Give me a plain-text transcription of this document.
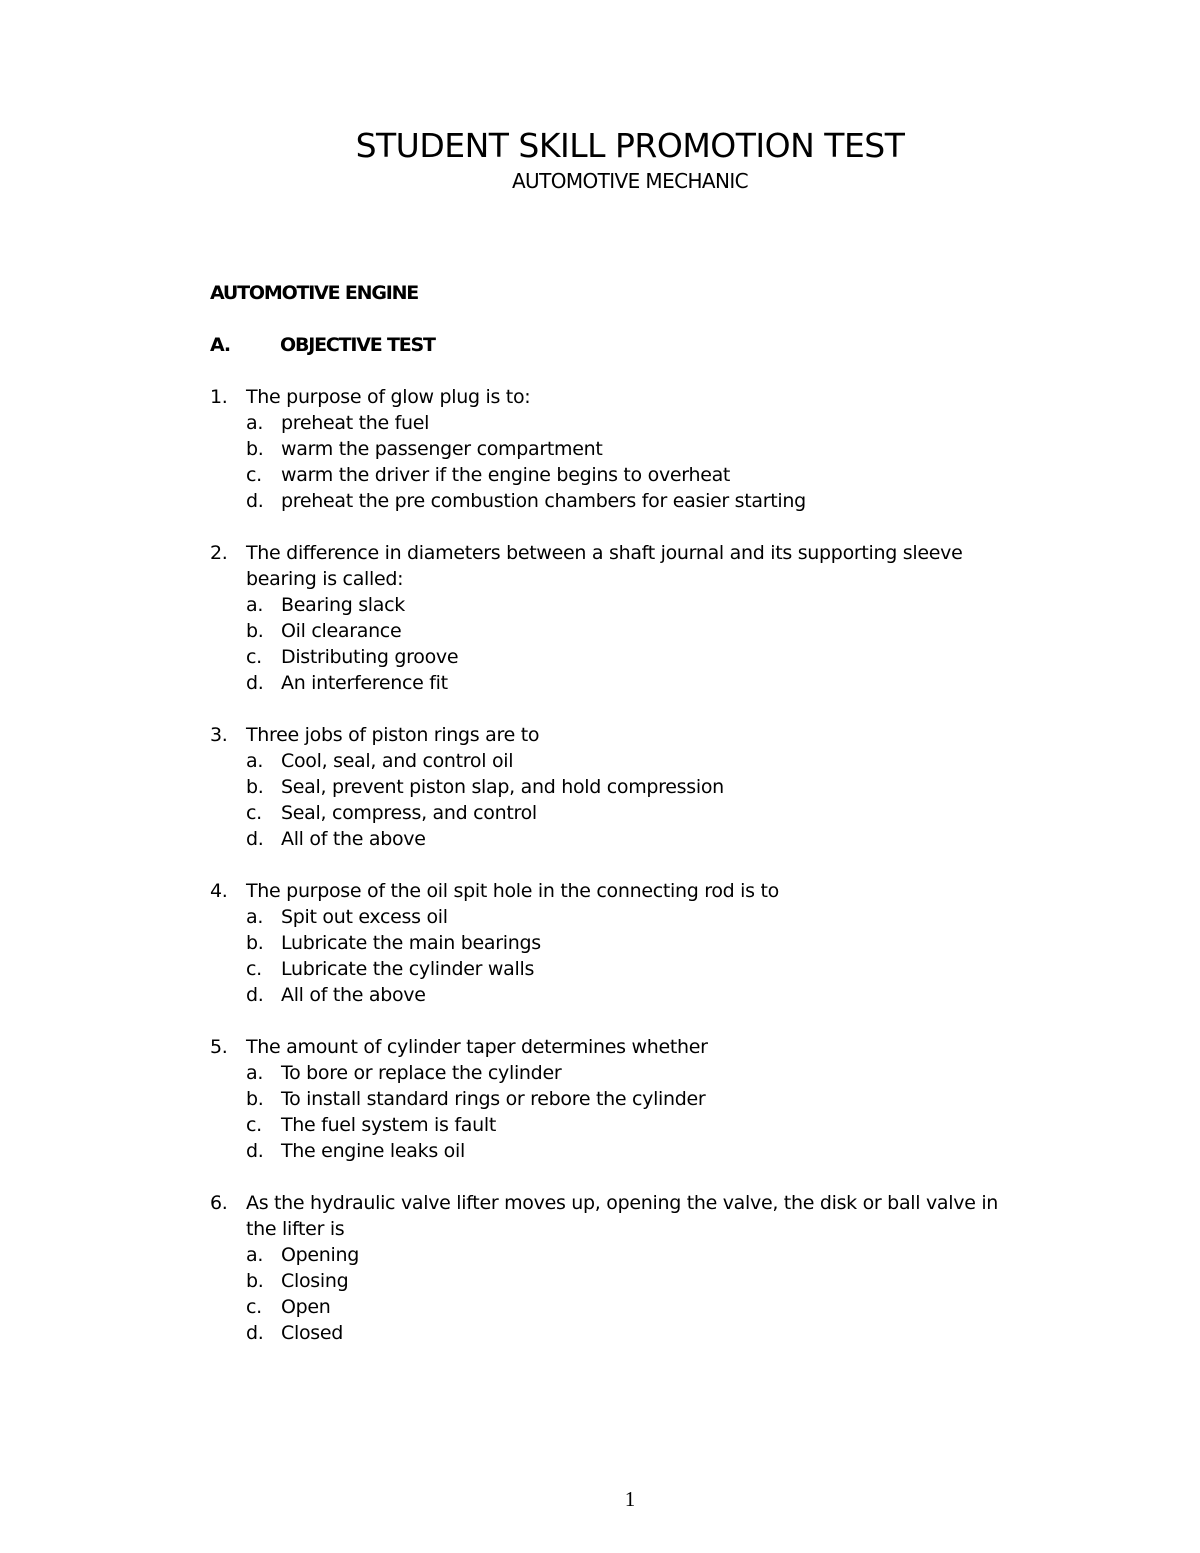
STUDENT SKILL PROMOTION TEST
AUTOMOTIVE MECHANIC
AUTOMOTIVE ENGINE
A.	OBJECTIVE TEST
1. The purpose of glow plug is to:
a. preheat the fuel
b. warm the passenger compartment
c. warm the driver if the engine begins to overheat
d. preheat the pre combustion chambers for easier starting
2. The difference in diameters between a shaft journal and its supporting sleeve bearing is called:
a. Bearing slack
b. Oil clearance
c. Distributing groove
d. An interference fit
3. Three jobs of piston rings are to
a. Cool, seal, and control oil
b. Seal, prevent piston slap, and hold compression
c. Seal, compress, and control
d. All of the above
4. The purpose of the oil spit hole in the connecting rod is to
a. Spit out excess oil
b. Lubricate the main bearings
c. Lubricate the cylinder walls
d. All of the above
5. The amount of cylinder taper determines whether
a. To bore or replace the cylinder
b. To install standard rings or rebore the cylinder
c. The fuel system is fault
d. The engine leaks oil
6. As the hydraulic valve lifter moves up, opening the valve, the disk or ball valve in the lifter is
a. Opening
b. Closing
c. Open
d. Closed
1
